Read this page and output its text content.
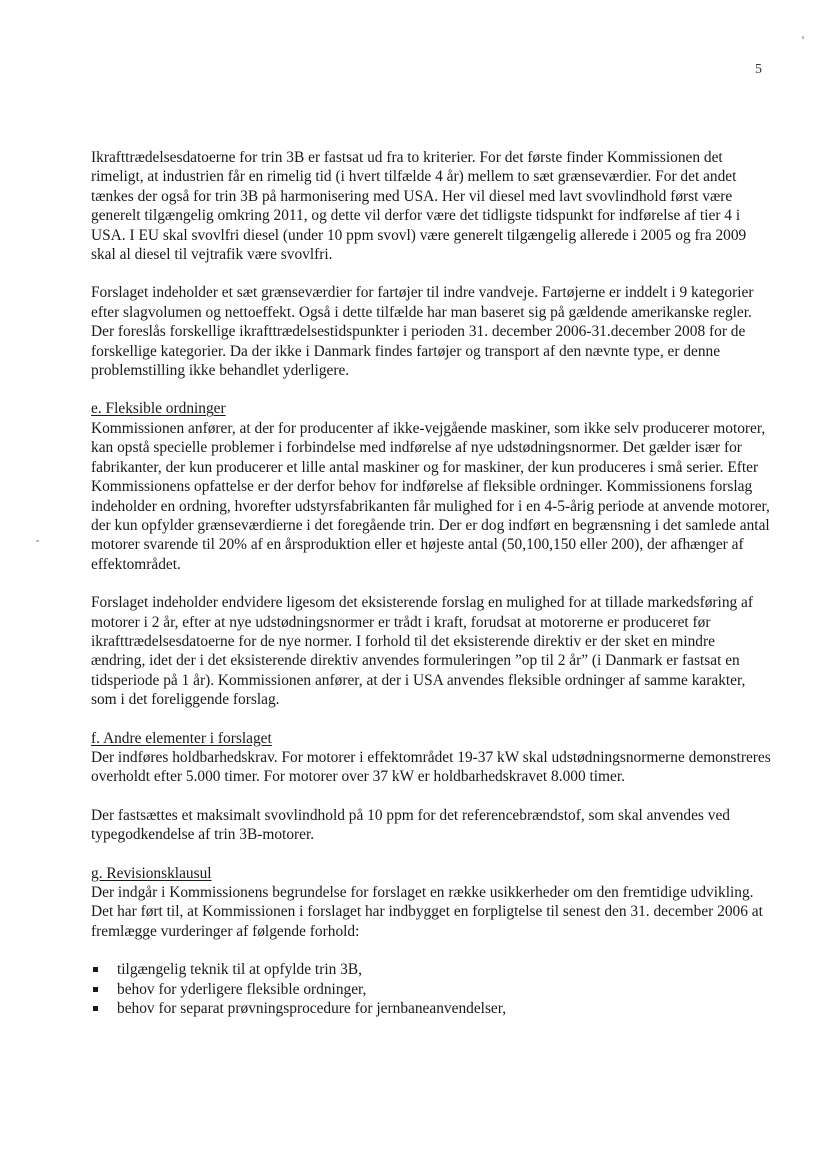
5

Ikrafttrædelsesdatoerne for trin 3B er fastsat ud fra to kriterier. For det første finder Kommissionen det rimeligt, at industrien får en rimelig tid (i hvert tilfælde 4 år) mellem to sæt grænseværdier. For det andet tænkes der også for trin 3B på harmonisering med USA. Her vil diesel med lavt svovlindhold først være generelt tilgængelig omkring 2011, og dette vil derfor være det tidligste tidspunkt for indførelse af tier 4 i USA. I EU skal svovlfri diesel (under 10 ppm svovl) være generelt tilgængelig allerede i 2005 og fra 2009 skal al diesel til vejtrafik være svovlfri.

Forslaget indeholder et sæt grænseværdier for fartøjer til indre vandveje. Fartøjerne er inddelt i 9 kategorier efter slagvolumen og nettoeffekt. Også i dette tilfælde har man baseret sig på gældende amerikanske regler. Der foreslås forskellige ikrafttrædelsestidspunkter i perioden 31. december 2006-31.december 2008 for de forskellige kategorier. Da der ikke i Danmark findes fartøjer og transport af den nævnte type, er denne problemstilling ikke behandlet yderligere.

e. Fleksible ordninger

Kommissionen anfører, at der for producenter af ikke-vejgående maskiner, som ikke selv producerer motorer, kan opstå specielle problemer i forbindelse med indførelse af nye udstødningsnormer. Det gælder især for fabrikanter, der kun producerer et lille antal maskiner og for maskiner, der kun produceres i små serier. Efter Kommissionens opfattelse er der derfor behov for indførelse af fleksible ordninger. Kommissionens forslag indeholder en ordning, hvorefter udstyrsfabrikanten får mulighed for i en 4-5-årig periode at anvende motorer, der kun opfylder grænseværdierne i det foregående trin. Der er dog indført en begrænsning i det samlede antal motorer svarende til 20% af en årsproduktion eller et højeste antal (50,100,150 eller 200), der afhænger af effektområdet.

Forslaget indeholder endvidere ligesom det eksisterende forslag en mulighed for at tillade markedsføring af motorer i 2 år, efter at nye udstødningsnormer er trådt i kraft, forudsat at motorerne er produceret før ikrafttrædelsesdatoerne for de nye normer. I forhold til det eksisterende direktiv er der sket en mindre ændring, idet der i det eksisterende direktiv anvendes formuleringen ”op til 2 år” (i Danmark er fastsat en tidsperiode på 1 år). Kommissionen anfører, at der i USA anvendes fleksible ordninger af samme karakter, som i det foreliggende forslag.

f. Andre elementer i forslaget

Der indføres holdbarhedskrav. For motorer i effektområdet 19-37 kW skal udstødningsnormerne demonstreres overholdt efter 5.000 timer. For motorer over 37 kW er holdbarhedskravet 8.000 timer.

Der fastsættes et maksimalt svovlindhold på 10 ppm for det referencebrændstof, som skal anvendes ved typegodkendelse af trin 3B-motorer.

g. Revisionsklausul

Der indgår i Kommissionens begrundelse for forslaget en række usikkerheder om den fremtidige udvikling. Det har ført til, at Kommissionen i forslaget har indbygget en forpligtelse til senest den 31. december 2006 at fremlægge vurderinger af følgende forhold:

tilgængelig teknik til at opfylde trin 3B,
behov for yderligere fleksible ordninger,
behov for separat prøvningsprocedure for jernbaneanvendelser,
